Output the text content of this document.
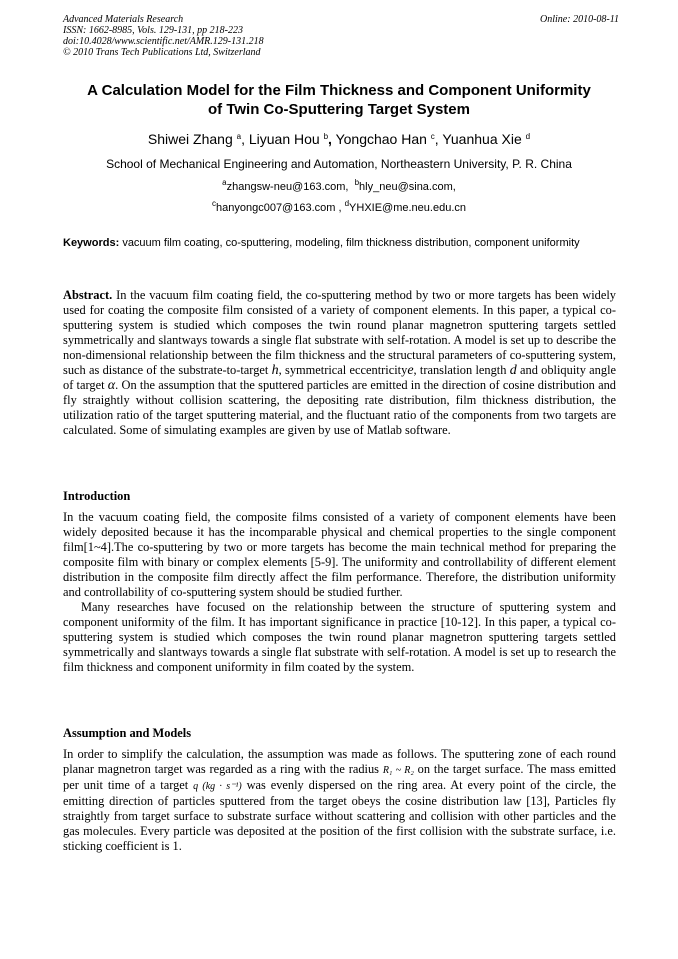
Advanced Materials Research
ISSN: 1662-8985, Vols. 129-131, pp 218-223
doi:10.4028/www.scientific.net/AMR.129-131.218
© 2010 Trans Tech Publications Ltd, Switzerland
Online: 2010-08-11
A Calculation Model for the Film Thickness and Component Uniformity
of Twin Co-Sputtering Target System
Shiwei Zhang $^a$, Liyuan Hou $^b$, Yongchao Han $^c$, Yuanhua Xie $^d$
School of Mechanical Engineering and Automation, Northeastern University, P. R. China
$^a$zhangsw-neu@163.com, $^b$hly_neu@sina.com,
$^c$hanyongc007@163.com , $^d$YHXIE@me.neu.edu.cn
Keywords: vacuum film coating, co-sputtering, modeling, film thickness distribution, component uniformity
Abstract. In the vacuum film coating field, the co-sputtering method by two or more targets has been widely used for coating the composite film consisted of a variety of component elements. In this paper, a typical co-sputtering system is studied which composes the twin round planar magnetron sputtering targets settled symmetrically and slantways towards a single flat substrate with self-rotation. A model is set up to describe the non-dimensional relationship between the film thickness and the structural parameters of co-sputtering system, such as distance of the substrate-to-target h, symmetrical eccentricitye, translation length d and obliquity angle of target α. On the assumption that the sputtered particles are emitted in the direction of cosine distribution and fly straightly without collision scattering, the depositing rate distribution, film thickness distribution, the utilization ratio of the target sputtering material, and the fluctuant ratio of the components from two targets are calculated. Some of simulating examples are given by use of Matlab software.
Introduction
In the vacuum coating field, the composite films consisted of a variety of component elements have been widely deposited because it has the incomparable physical and chemical properties to the single component film[1~4].The co-sputtering by two or more targets has become the main technical method for preparing the composite film with binary or complex elements [5-9]. The uniformity and controllability of different element distribution in the composite film directly affect the film performance. Therefore, the distribution uniformity and controllability of co-sputtering system should be studied further.
Many researches have focused on the relationship between the structure of sputtering system and component uniformity of the film. It has important significance in practice [10-12]. In this paper, a typical co-sputtering system is studied which composes the twin round planar magnetron sputtering targets settled symmetrically and slantways towards a single flat substrate with self-rotation. A model is set up to research the film thickness and component uniformity in film coated by the system.
Assumption and Models
In order to simplify the calculation, the assumption was made as follows. The sputtering zone of each round planar magnetron target was regarded as a ring with the radius R₁ ~ R₂ on the target surface. The mass emitted per unit time of a target q (kg · s⁻¹) was evenly dispersed on the ring area. At every point of the circle, the emitting direction of particles sputtered from the target obeys the cosine distribution law [13], Particles fly straightly from target surface to substrate surface without scattering and collision with other particles and the gas molecules. Every particle was deposited at the position of the first collision with the substrate surface, i.e. sticking coefficient is 1.
